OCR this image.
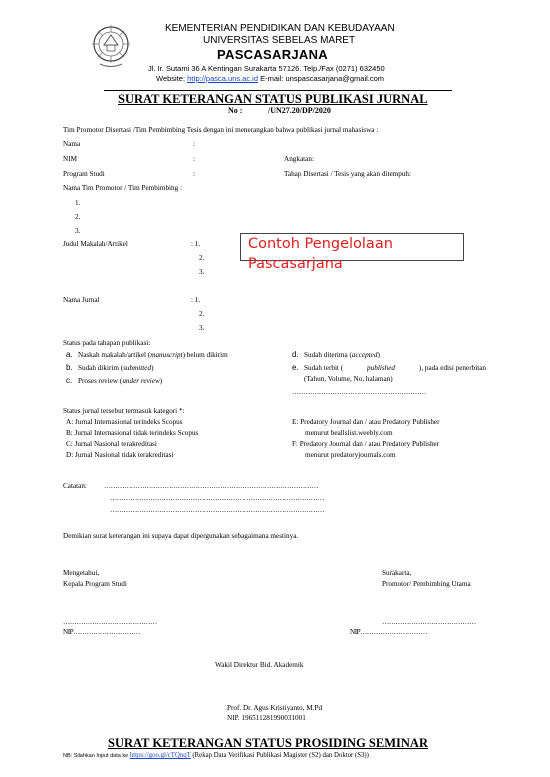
KEMENTERIAN PENDIDIKAN DAN KEBUDAYAAN
UNIVERSITAS SEBELAS MARET
PASCASARJANA
Jl. Ir. Sutami 36 A Kentingan Surakarta 57126. Telp./Fax (0271) 632450
Website: http://pasca.uns.ac.id E-mail: unspascasarjana@gmail.com
SURAT KETERANGAN STATUS PUBLIKASI JURNAL
No :	/UN27.20/DP/2020
Tim Promotor Disertasi /Tim Pembimbing Tesis dengan ini menerangkan bahwa publikasi jurnal mahasiswa :
Nama	:
NIM	:	Angkatan:
Program Studi	:	Tahap Disertasi / Tesis yang akan ditempuh:
Nama Tim Promotor / Tim Pembimbing :
1.
2.
3.
Judul Makalah/Artikel	: 1.
2.
3.
Nama Jurnal	: 1.
2.
3.
Contoh Pengelolaan
Pascasarjana
Status pada tahapan publikasi:
a. Naskah makalah/artikel (manuscript) belum dikirim
b. Sudah dikirim (submitted)
c. Proses review (under review)
d. Sudah diterima (accepted)
e. Sudah terbit (	published	), pada edisi penerbitan
(Tahun, Volume, No, halaman)
……………………………………………………
Status jurnal tersebut termasuk kategori *:
A: Jurnal Internasional terindeks Scopus
B: Jurnal Internasional tidak terindeks Scopus
C: Jurnal Nasional terakreditasi
D: Jurnal Nasional tidak terakreditasi
E: Predatory Journal dan / atau Predatory Publisher
menurut beallslist.weebly.com
F: Predatory Journal dan / atau Predatory Publisher
menurut predatoryjournals.com
Catatan: ……………………………………………………………………………………
……………………………………………………………………………………
……………………………………………………………………………………
Demikian surat keterangan ini supaya dapat dipergunakan sebagaimana mestinya.
Mengetahui,
Kepala Program Studi
Surakarta,
Promotor/ Pembimbing Utama
……………………………………	……………………………………
NIP…………………………	NIP…………………………
Wakil Direktur Bid. Akademik
Prof. Dr. Agus Kristiyanto, M.Pd
NIP. 196511281990031001
SURAT KETERANGAN STATUS PROSIDING SEMINAR
NB: Silahkan Input data ke https://goo.gl/cTQnqT (Rekap Data Verifikasi Publikasi Magister (S2) dan Doktor (S3))
